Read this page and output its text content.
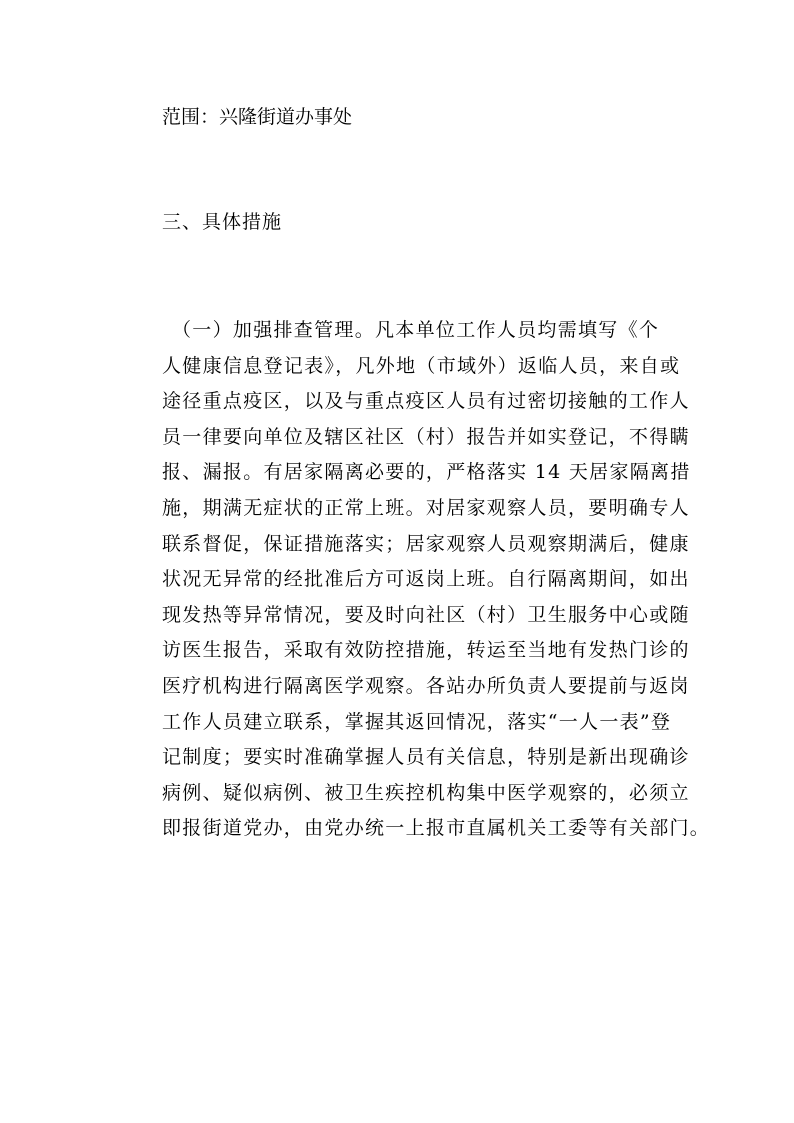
范围：兴隆街道办事处
三、具体措施
（一）加强排查管理。凡本单位工作人员均需填写《个
人健康信息登记表》，凡外地（市域外）返临人员，来自或
途径重点疫区，以及与重点疫区人员有过密切接触的工作人
员一律要向单位及辖区社区（村）报告并如实登记，不得瞒
报、漏报。有居家隔离必要的，严格落实 14 天居家隔离措
施，期满无症状的正常上班。对居家观察人员，要明确专人
联系督促，保证措施落实；居家观察人员观察期满后，健康
状况无异常的经批准后方可返岗上班。自行隔离期间，如出
现发热等异常情况，要及时向社区（村）卫生服务中心或随
访医生报告，采取有效防控措施，转运至当地有发热门诊的
医疗机构进行隔离医学观察。各站办所负责人要提前与返岗
工作人员建立联系，掌握其返回情况，落实“一人一表”登
记制度；要实时准确掌握人员有关信息，特别是新出现确诊
病例、疑似病例、被卫生疾控机构集中医学观察的，必须立
即报街道党办，由党办统一上报市直属机关工委等有关部门。
